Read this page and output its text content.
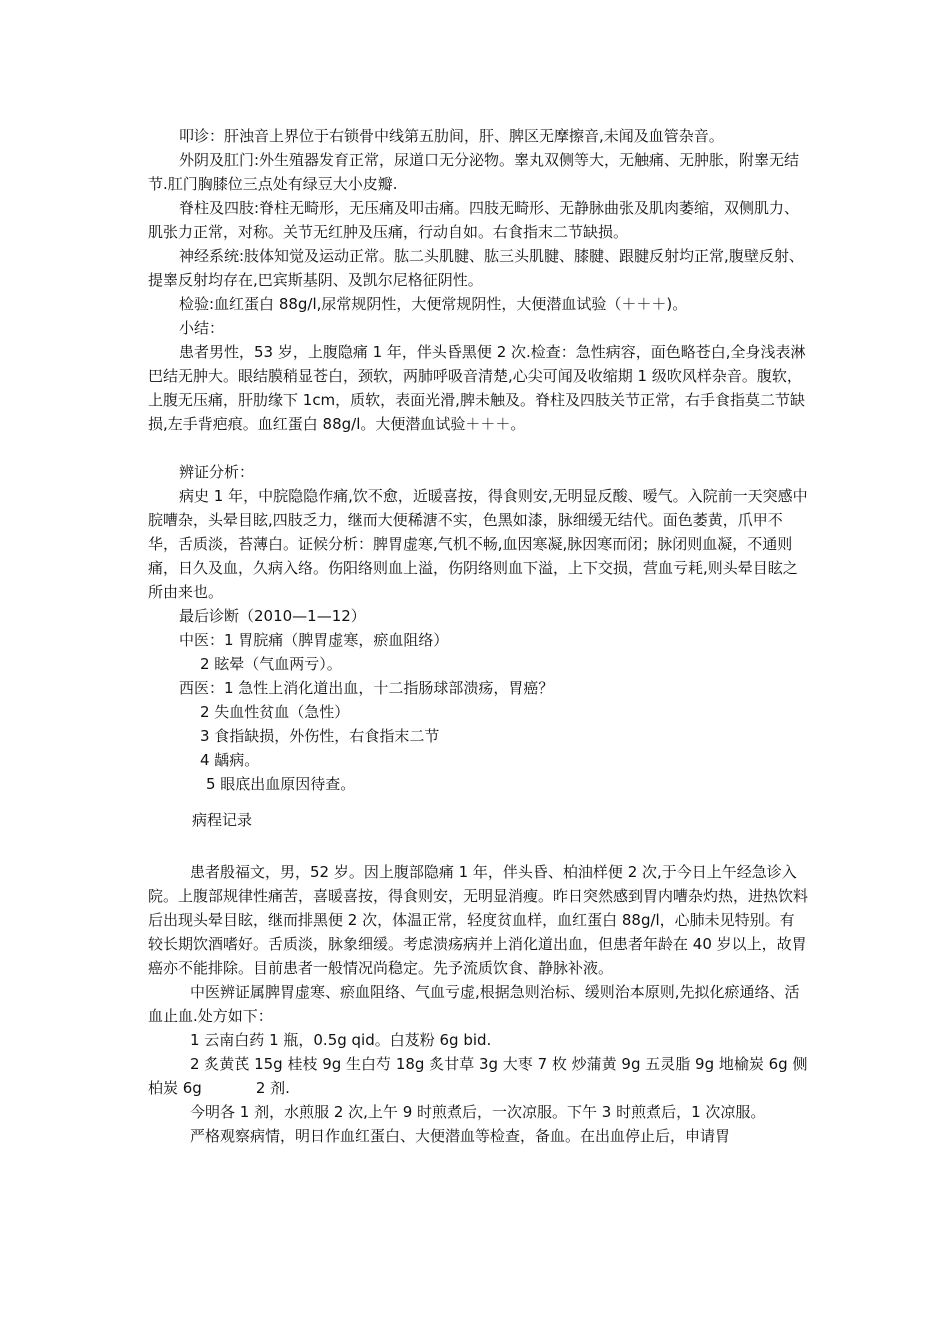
叩诊：肝浊音上界位于右锁骨中线第五肋间，肝、脾区无摩擦音,未闻及血管杂音。

外阴及肛门:外生殖器发育正常，尿道口无分泌物。睾丸双侧等大，无触痛、无肿胀，附睾无结节.肛门胸膝位三点处有绿豆大小皮瓣.

脊柱及四肢:脊柱无畸形，无压痛及叩击痛。四肢无畸形、无静脉曲张及肌肉萎缩，双侧肌力、肌张力正常，对称。关节无红肿及压痛，行动自如。右食指末二节缺损。

神经系统:肢体知觉及运动正常。肱二头肌腱、肱三头肌腱、膝腱、跟腱反射均正常,腹壁反射、提睾反射均存在,巴宾斯基阴、及凯尔尼格征阴性。

检验:血红蛋白 88g/l,尿常规阴性，大便常规阴性，大便潜血试验（＋＋＋)。

小结：

患者男性，53 岁，上腹隐痛 1 年，伴头昏黑便 2 次.检查：急性病容，面色略苍白,全身浅表淋巴结无肿大。眼结膜稍显苍白，颈软，两肺呼吸音清楚,心尖可闻及收缩期 1 级吹风样杂音。腹软，上腹无压痛，肝肋缘下 1cm，质软，表面光滑,脾未触及。脊柱及四肢关节正常，右手食指莫二节缺损,左手背疤痕。血红蛋白 88g/l。大便潜血试验＋＋＋。

辨证分析：

病史 1 年，中脘隐隐作痛,饮不愈，近暖喜按，得食则安,无明显反酸、嗳气。入院前一天突感中脘嘈杂，头晕目眩,四肢乏力，继而大便稀溏不实，色黑如漆，脉细缓无结代。面色萎黄，爪甲不华，舌质淡，苔薄白。证候分析：脾胃虚寒,气机不畅,血因寒凝,脉因寒而闭；脉闭则血凝，不通则痛，日久及血，久病入络。伤阳络则血上溢，伤阴络则血下溢，上下交损，营血亏耗,则头晕目眩之所由来也。

最后诊断（2010—1—12）

中医：1 胃脘痛（脾胃虚寒，瘀血阻络）

2 眩晕（气血两亏）。

西医：1 急性上消化道出血，十二指肠球部溃疡，胃癌？

2 失血性贫血（急性）

3 食指缺损，外伤性，右食指末二节

4 龋病。

5 眼底出血原因待查。

病程记录

患者殷福文，男，52 岁。因上腹部隐痛 1 年，伴头昏、柏油样便 2 次,于今日上午经急诊入院。上腹部规律性痛苦，喜暖喜按，得食则安，无明显消瘦。昨日突然感到胃内嘈杂灼热，进热饮料后出现头晕目眩，继而排黑便 2 次，体温正常，轻度贫血样，血红蛋白 88g/l，心肺未见特别。有较长期饮酒嗜好。舌质淡，脉象细缓。考虑溃疡病并上消化道出血，但患者年龄在 40 岁以上，故胃癌亦不能排除。目前患者一般情况尚稳定。先予流质饮食、静脉补液。

中医辨证属脾胃虚寒、瘀血阻络、气血亏虚,根据急则治标、缓则治本原则,先拟化瘀通络、活血止血.处方如下：

1 云南白药 1 瓶，0.5g qid。白芨粉 6g bid.

2 炙黄芪 15g 桂枝 9g 生白芍 18g 炙甘草 3g 大枣 7 枚 炒蒲黄 9g 五灵脂 9g 地榆炭 6g 侧柏炭 6g	2 剂.

今明各 1 剂，水煎服 2 次,上午 9 时煎煮后，一次凉服。下午 3 时煎煮后，1 次凉服。

严格观察病情，明日作血红蛋白、大便潜血等检查，备血。在出血停止后，申请胃
